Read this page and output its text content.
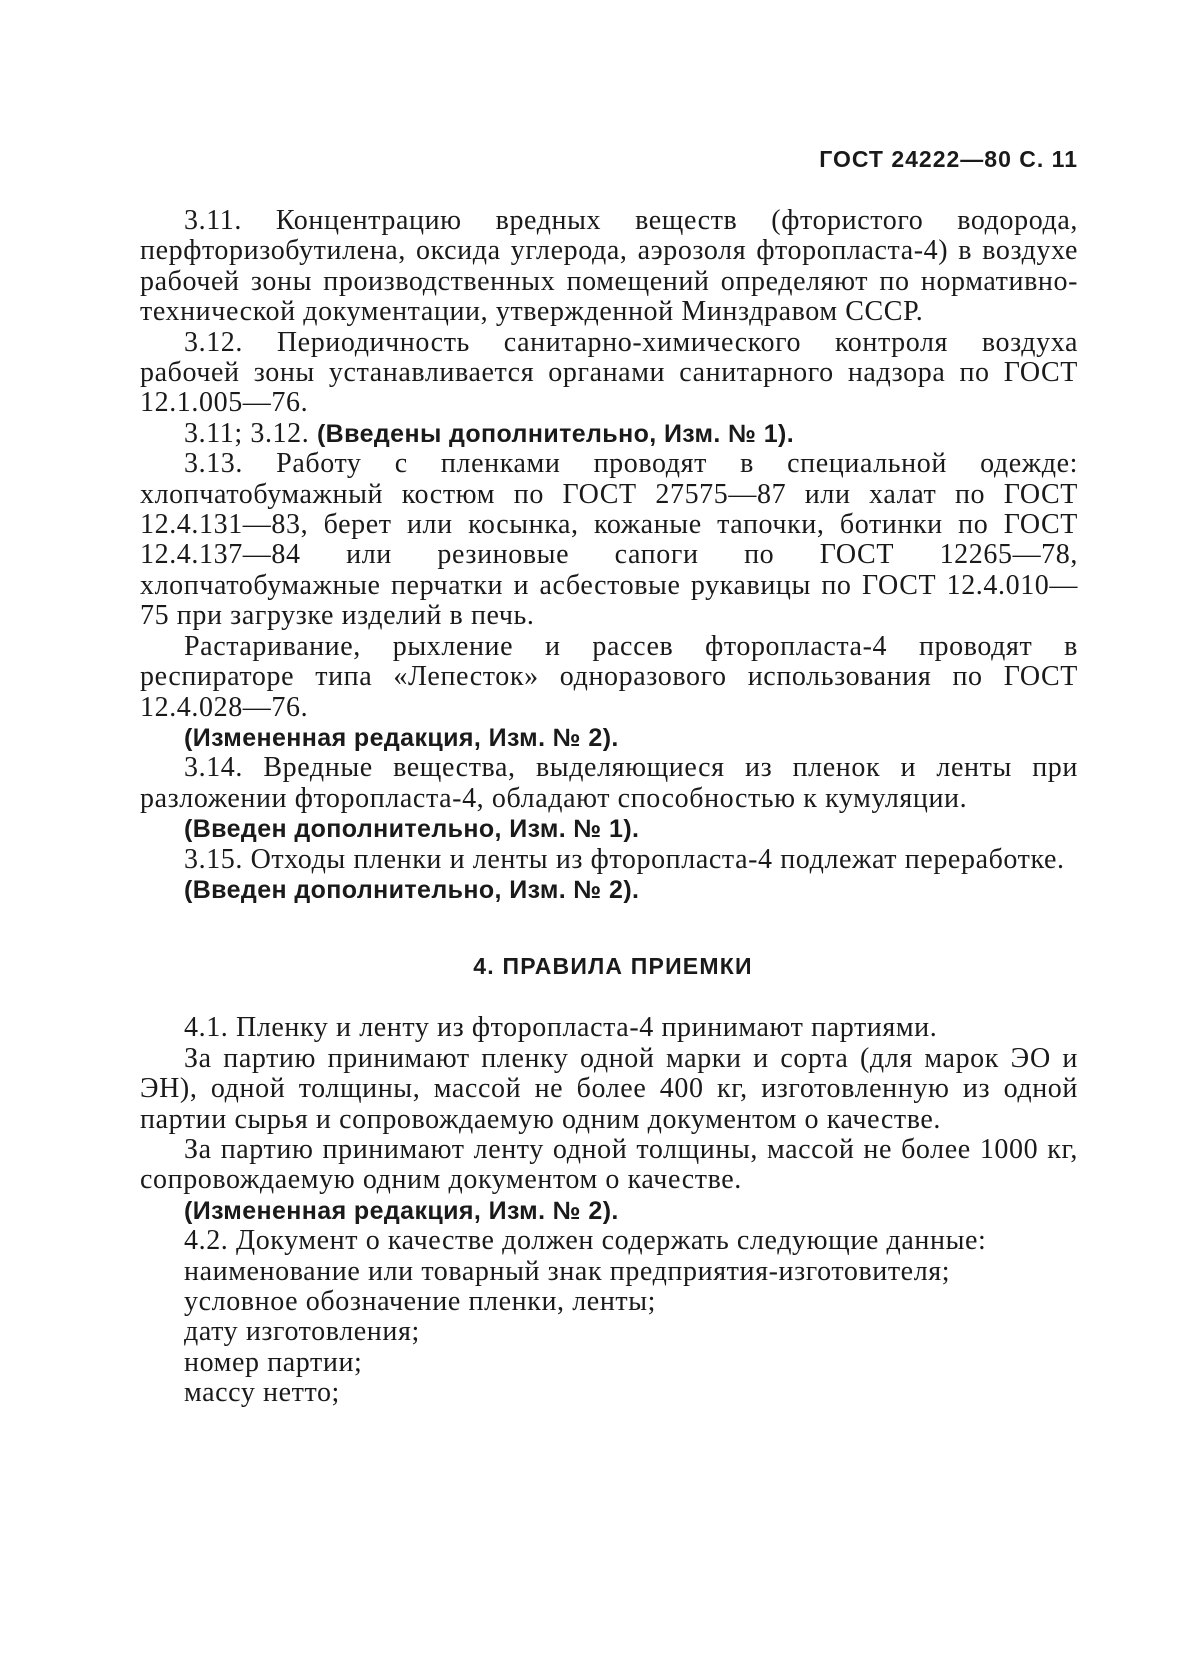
ГОСТ 24222—80 С. 11

3.11. Концентрацию вредных веществ (фтористого водорода, перфторизобутилена, оксида углерода, аэрозоля фторопласта-4) в воздухе рабочей зоны производственных помещений определяют по нормативно-технической документации, утвержденной Минздравом СССР.

3.12. Периодичность санитарно-химического контроля воздуха рабочей зоны устанавливается органами санитарного надзора по ГОСТ 12.1.005—76.

3.11; 3.12. (Введены дополнительно, Изм. № 1).

3.13. Работу с пленками проводят в специальной одежде: хлопчатобумажный костюм по ГОСТ 27575—87 или халат по ГОСТ 12.4.131—83, берет или косынка, кожаные тапочки, ботинки по ГОСТ 12.4.137—84 или резиновые сапоги по ГОСТ 12265—78, хлопчатобумажные перчатки и асбестовые рукавицы по ГОСТ 12.4.010—75 при загрузке изделий в печь.

Растаривание, рыхление и рассев фторопласта-4 проводят в респираторе типа «Лепесток» одноразового использования по ГОСТ 12.4.028—76.

(Измененная редакция, Изм. № 2).

3.14. Вредные вещества, выделяющиеся из пленок и ленты при разложении фторопласта-4, обладают способностью к кумуляции.

(Введен дополнительно, Изм. № 1).

3.15. Отходы пленки и ленты из фторопласта-4 подлежат переработке.

(Введен дополнительно, Изм. № 2).

4. ПРАВИЛА ПРИЕМКИ

4.1. Пленку и ленту из фторопласта-4 принимают партиями.

За партию принимают пленку одной марки и сорта (для марок ЭО и ЭН), одной толщины, массой не более 400 кг, изготовленную из одной партии сырья и сопровождаемую одним документом о качестве.

За партию принимают ленту одной толщины, массой не более 1000 кг, сопровождаемую одним документом о качестве.

(Измененная редакция, Изм. № 2).

4.2. Документ о качестве должен содержать следующие данные:

наименование или товарный знак предприятия-изготовителя;

условное обозначение пленки, ленты;

дату изготовления;

номер партии;

массу нетто;
